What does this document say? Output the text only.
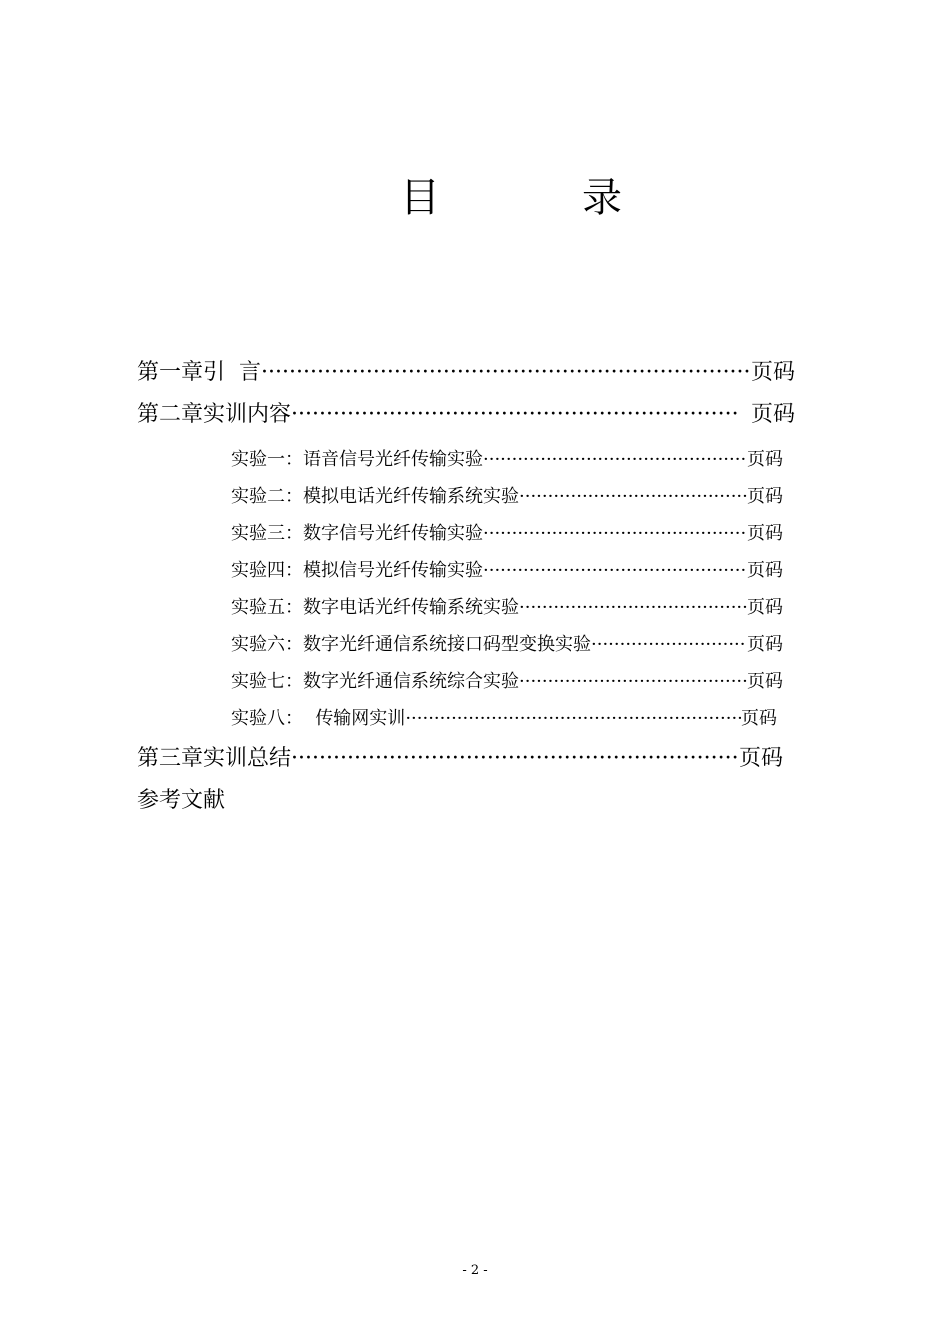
目	录
第一章 引  言 ·····	页码
第二章 实训内容 ·····	页码
实验一： 语音信号光纤传输实验 ·····	页码
实验二： 模拟电话光纤传输系统实验 ·····	页码
实验三： 数字信号光纤传输实验 ·····	页码
实验四： 模拟信号光纤传输实验 ·····	页码
实验五： 数字电话光纤传输系统实验 ·····	页码
实验六： 数字光纤通信系统接口码型变换实验 ·····	页码
实验七： 数字光纤通信系统综合实验 ·····	页码
实验八： 传输网实训 ·····	页码
第三章 实训总结 ·····	页码
参考文献
- 2 -
